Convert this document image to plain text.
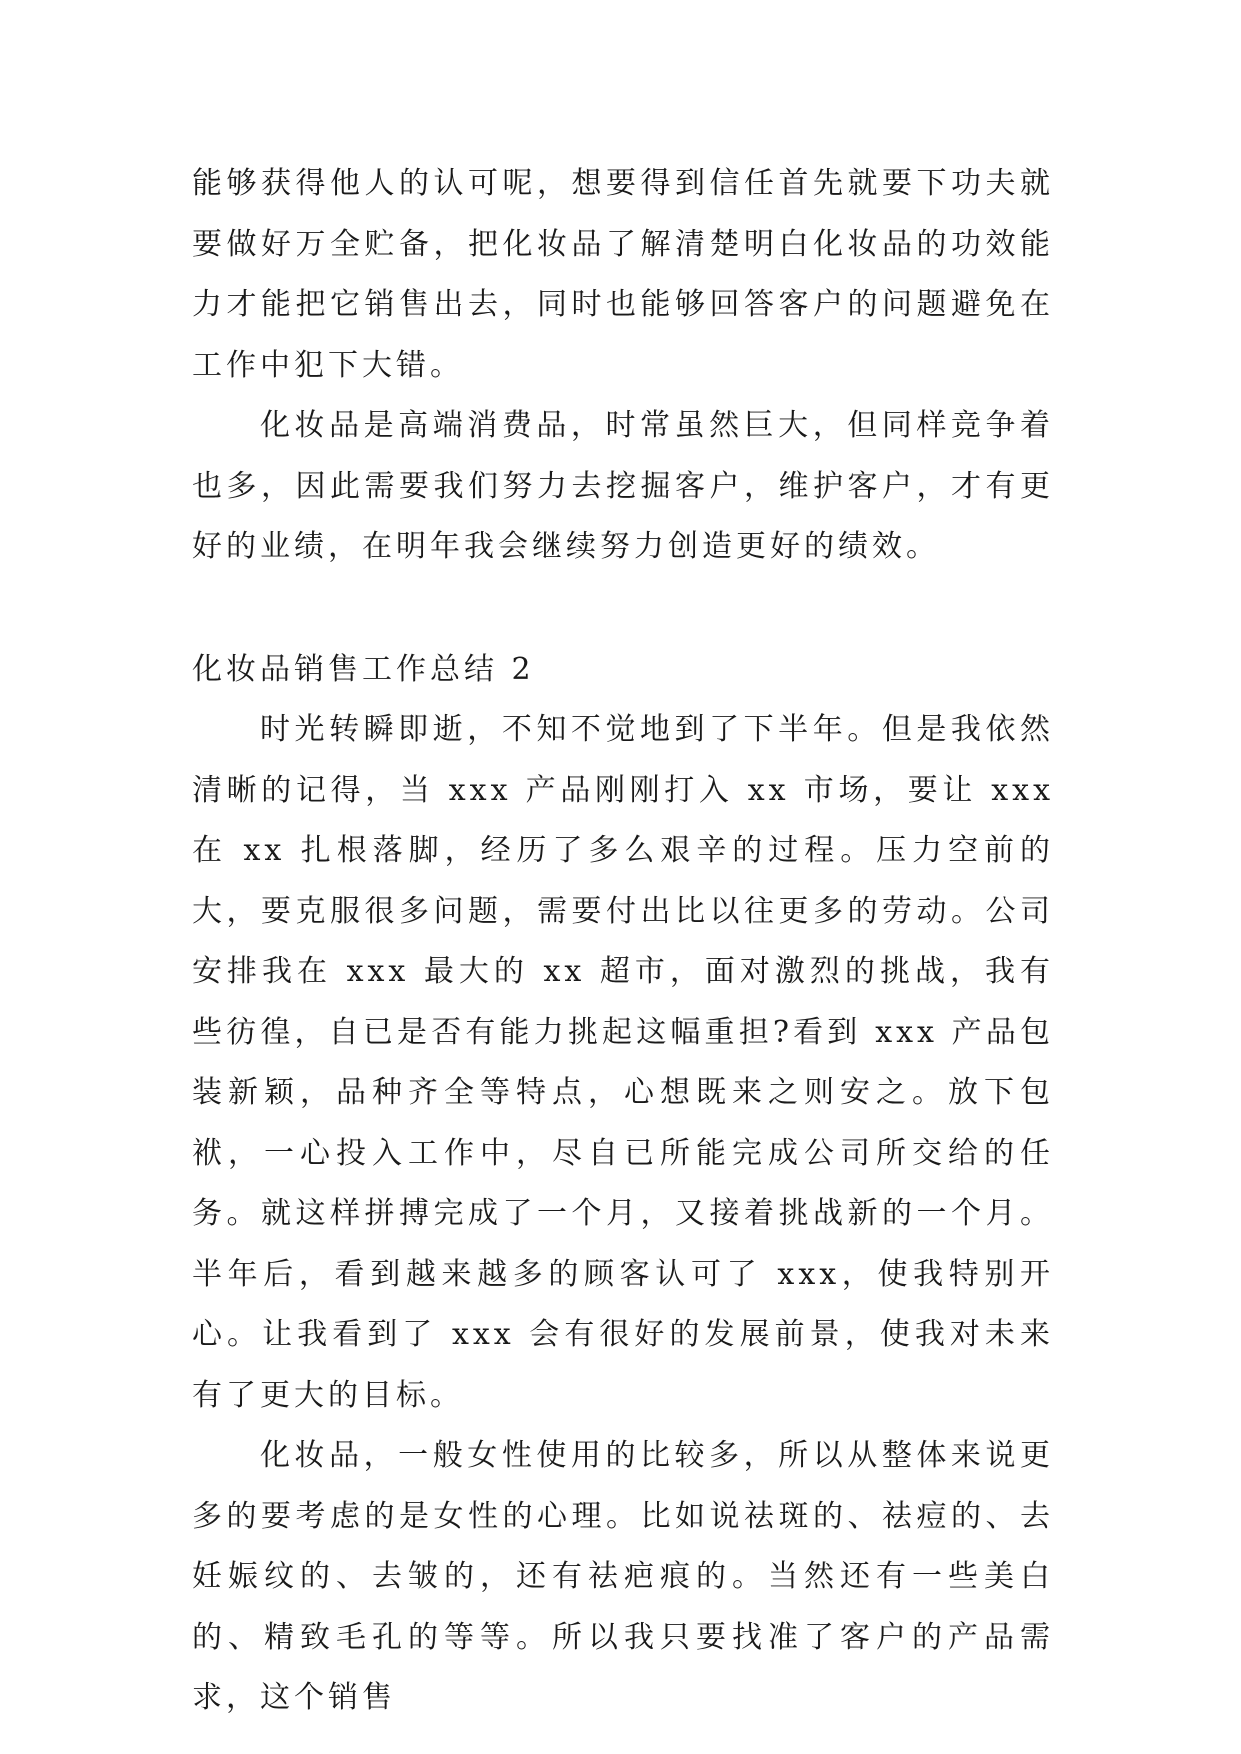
能够获得他人的认可呢，想要得到信任首先就要下功夫就要做好万全贮备，把化妆品了解清楚明白化妆品的功效能力才能把它销售出去，同时也能够回答客户的问题避免在工作中犯下大错。

化妆品是高端消费品，时常虽然巨大，但同样竞争着也多，因此需要我们努力去挖掘客户，维护客户，才有更好的业绩，在明年我会继续努力创造更好的绩效。

化妆品销售工作总结 2

时光转瞬即逝，不知不觉地到了下半年。但是我依然清晰的记得，当 xxx 产品刚刚打入 xx 市场，要让 xxx 在 xx 扎根落脚，经历了多么艰辛的过程。压力空前的大，要克服很多问题，需要付出比以往更多的劳动。公司安排我在 xxx 最大的 xx 超市，面对激烈的挑战，我有些彷徨，自已是否有能力挑起这幅重担?看到 xxx 产品包装新颖，品种齐全等特点，心想既来之则安之。放下包袱，一心投入工作中，尽自已所能完成公司所交给的任务。就这样拼搏完成了一个月，又接着挑战新的一个月。半年后，看到越来越多的顾客认可了 xxx，使我特别开心。让我看到了 xxx 会有很好的发展前景，使我对未来有了更大的目标。

化妆品，一般女性使用的比较多，所以从整体来说更多的要考虑的是女性的心理。比如说祛斑的、祛痘的、去妊娠纹的、去皱的，还有祛疤痕的。当然还有一些美白的、精致毛孔的等等。所以我只要找准了客户的产品需求，这个销售
